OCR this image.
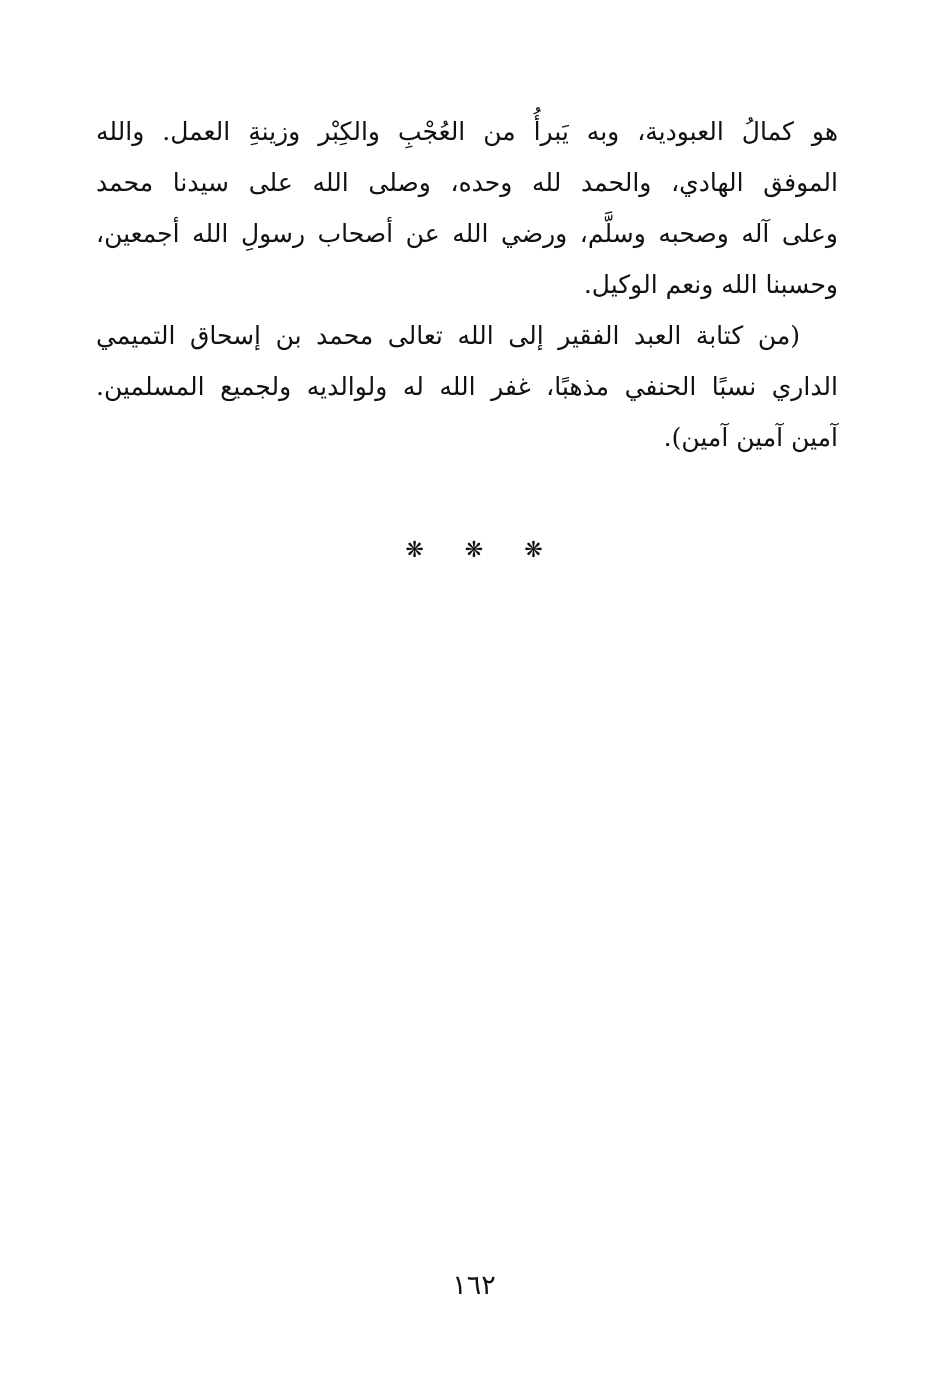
هو كمالُ العبودية، وبه يَبرأُ من العُجْبِ والكِبْر وزينةِ العمل. والله
الموفق الهادي، والحمد لله وحده، وصلى الله على سيدنا محمد
وعلى آله وصحبه وسلَّم، ورضي الله عن أصحاب رسولِ الله أجمعين،
وحسبنا الله ونعم الوكيل.
(من كتابة العبد الفقير إلى الله تعالى محمد بن إسحاق التميمي
الداري نسبًا الحنفي مذهبًا، غفر الله له ولوالديه ولجميع المسلمين.
آمين آمين آمين).
❋ ❋ ❋
١٦٢
